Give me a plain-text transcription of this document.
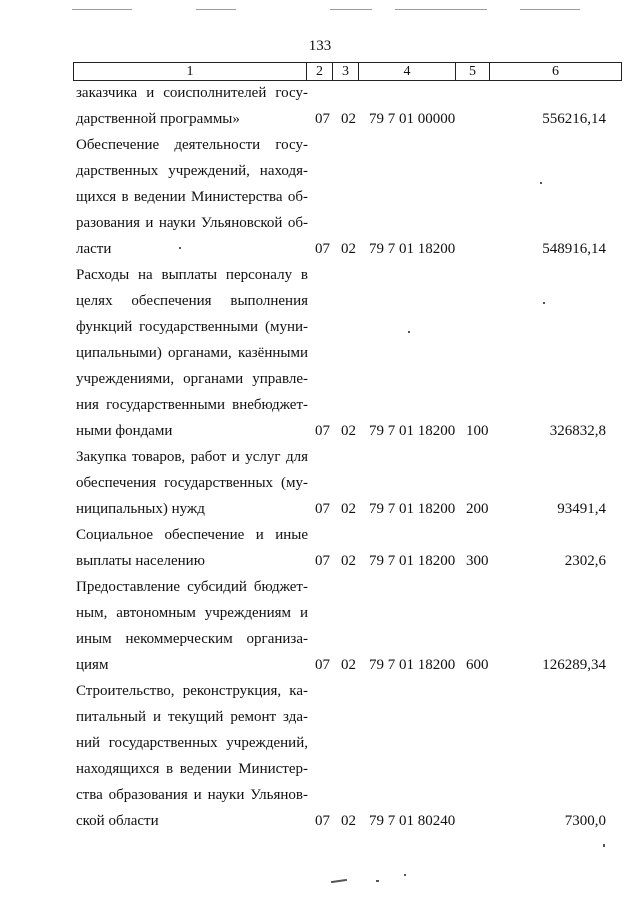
133
1	2	3	4	5	6
заказчика и соисполнителей госу-
дарственной программы»	07 02 79 7 01 00000	556216,14
Обеспечение деятельности госу-
дарственных учреждений, находя-
щихся в ведении Министерства об-
разования и науки Ульяновской об-
ласти	07 02 79 7 01 18200	548916,14
Расходы на выплаты персоналу в
целях обеспечения выполнения
функций государственными (муни-
ципальными) органами, казёнными
учреждениями, органами управле-
ния государственными внебюджет-
ными фондами	07 02 79 7 01 18200 100	326832,8
Закупка товаров, работ и услуг для
обеспечения государственных (му-
ниципальных) нужд	07 02 79 7 01 18200 200	93491,4
Социальное обеспечение и иные
выплаты населению	07 02 79 7 01 18200 300	2302,6
Предоставление субсидий бюджет-
ным, автономным учреждениям и
иным некоммерческим организа-
циям	07 02 79 7 01 18200 600	126289,34
Строительство, реконструкция, ка-
питальный и текущий ремонт зда-
ний государственных учреждений,
находящихся в ведении Министер-
ства образования и науки Ульянов-
ской области	07 02 79 7 01 80240	7300,0
